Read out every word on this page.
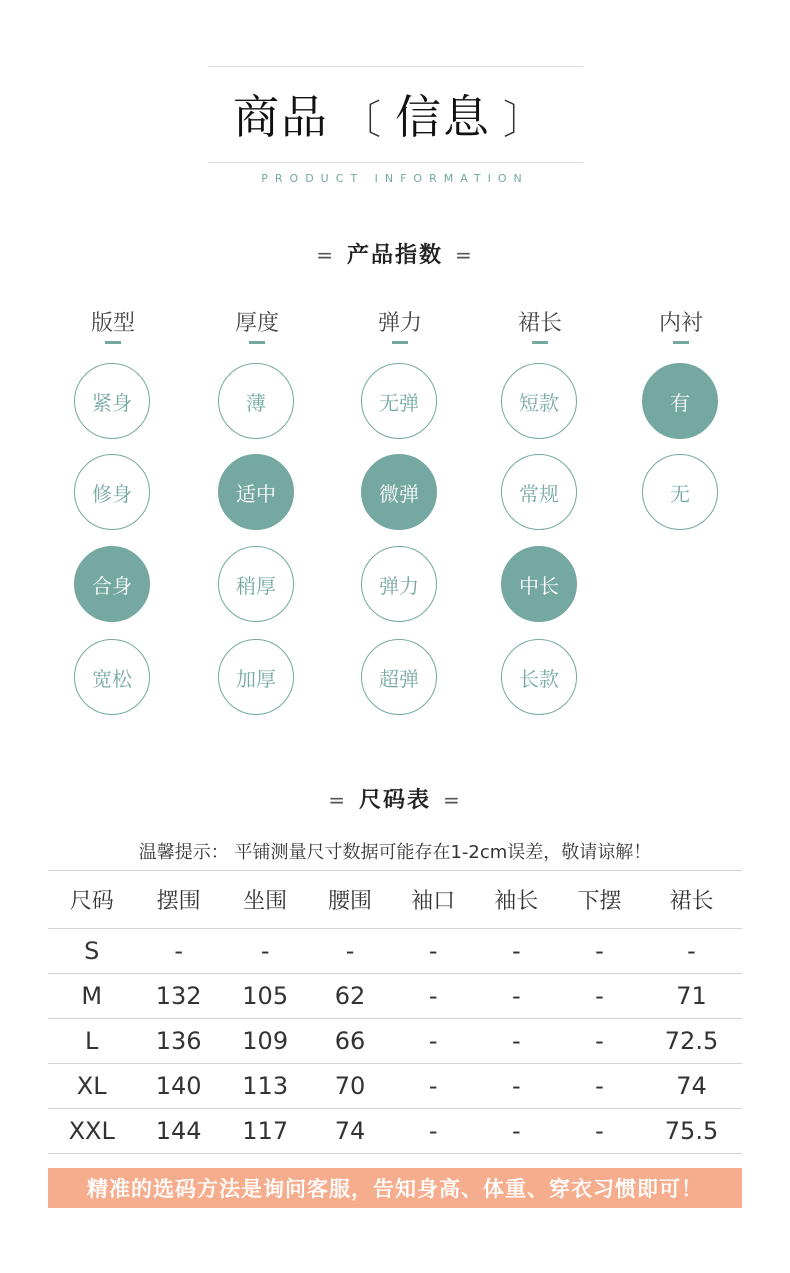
商品 〔 信息 〕
PRODUCT INFORMATION
= 产品指数 =
版型
紧身
修身
合身
宽松
厚度
薄
适中
稍厚
加厚
弹力
无弹
微弹
弹力
超弹
裙长
短款
常规
中长
长款
内衬
有
无
= 尺码表 =
温馨提示： 平铺测量尺寸数据可能存在1-2cm误差，敬请谅解！
尺码	摆围	坐围	腰围	袖口	袖长	下摆	裙长
S	-	-	-	-	-	-	-
M	132	105	62	-	-	-	71
L	136	109	66	-	-	-	72.5
XL	140	113	70	-	-	-	74
XXL	144	117	74	-	-	-	75.5
精准的选码方法是询问客服，告知身高、体重、穿衣习惯即可！
